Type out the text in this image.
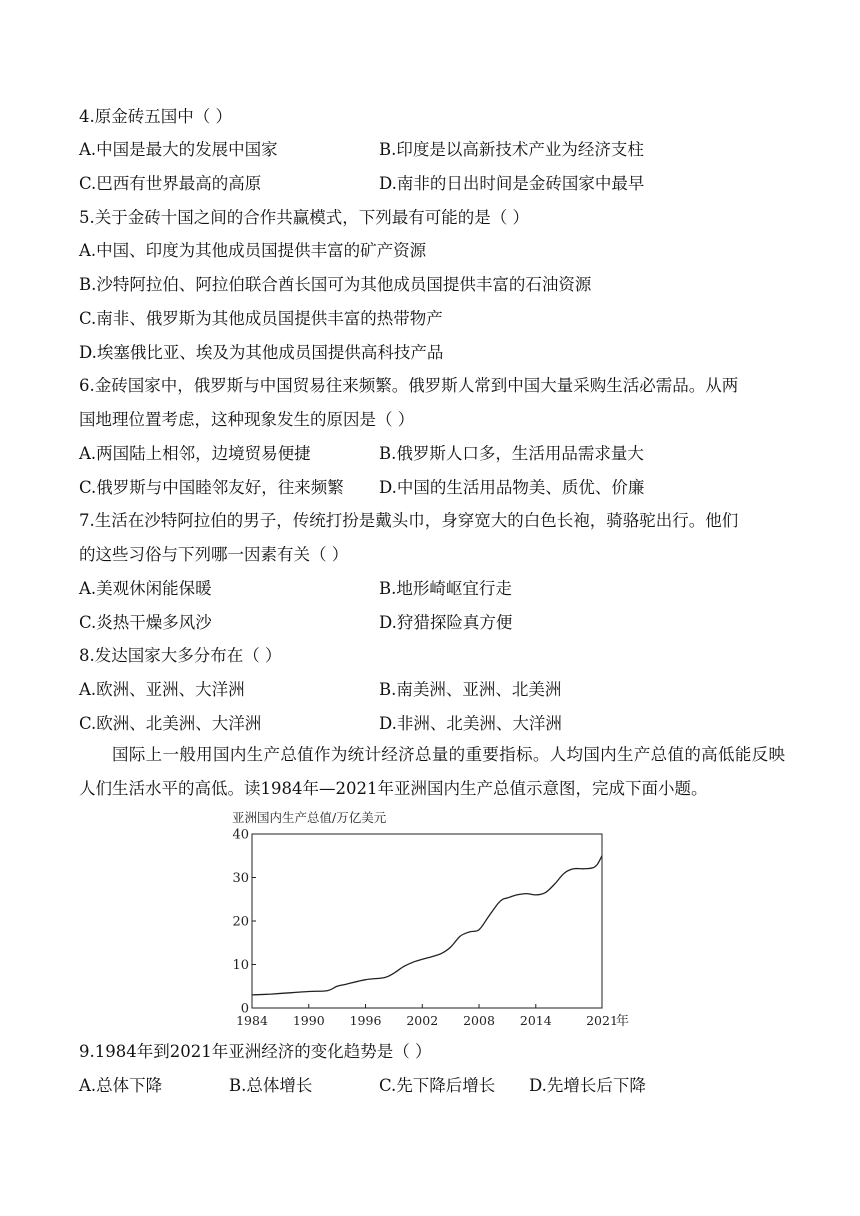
4.原金砖五国中（ ）
A.中国是最大的发展中国家	B.印度是以高新技术产业为经济支柱
C.巴西有世界最高的高原	D.南非的日出时间是金砖国家中最早
5.关于金砖十国之间的合作共赢模式，下列最有可能的是（ ）
A.中国、印度为其他成员国提供丰富的矿产资源
B.沙特阿拉伯、阿拉伯联合酋长国可为其他成员国提供丰富的石油资源
C.南非、俄罗斯为其他成员国提供丰富的热带物产
D.埃塞俄比亚、埃及为其他成员国提供高科技产品
6.金砖国家中，俄罗斯与中国贸易往来频繁。俄罗斯人常到中国大量采购生活必需品。从两
国地理位置考虑，这种现象发生的原因是（ ）
A.两国陆上相邻，边境贸易便捷	B.俄罗斯人口多，生活用品需求量大
C.俄罗斯与中国睦邻友好，往来频繁 D.中国的生活用品物美、质优、价廉
7.生活在沙特阿拉伯的男子，传统打扮是戴头巾，身穿宽大的白色长袍，骑骆驼出行。他们
的这些习俗与下列哪一因素有关（ ）
A.美观休闲能保暖	B.地形崎岖宜行走
C.炎热干燥多风沙	D.狩猎探险真方便
8.发达国家大多分布在（ ）
A.欧洲、亚洲、大洋洲	B.南美洲、亚洲、北美洲
C.欧洲、北美洲、大洋洲	D.非洲、北美洲、大洋洲
国际上一般用国内生产总值作为统计经济总量的重要指标。人均国内生产总值的高低能反映人们生活水平的高低。读1984年—2021年亚洲国内生产总值示意图，完成下面小题。
亚洲国内生产总值/万亿美元
0
10
20
30
40
1984 1990 1996 2002 2008 2014	2021
年
9.1984年到2021年亚洲经济的变化趋势是（ ）
A.总体下降	B.总体增长	C.先下降后增长 D.先增长后下降
